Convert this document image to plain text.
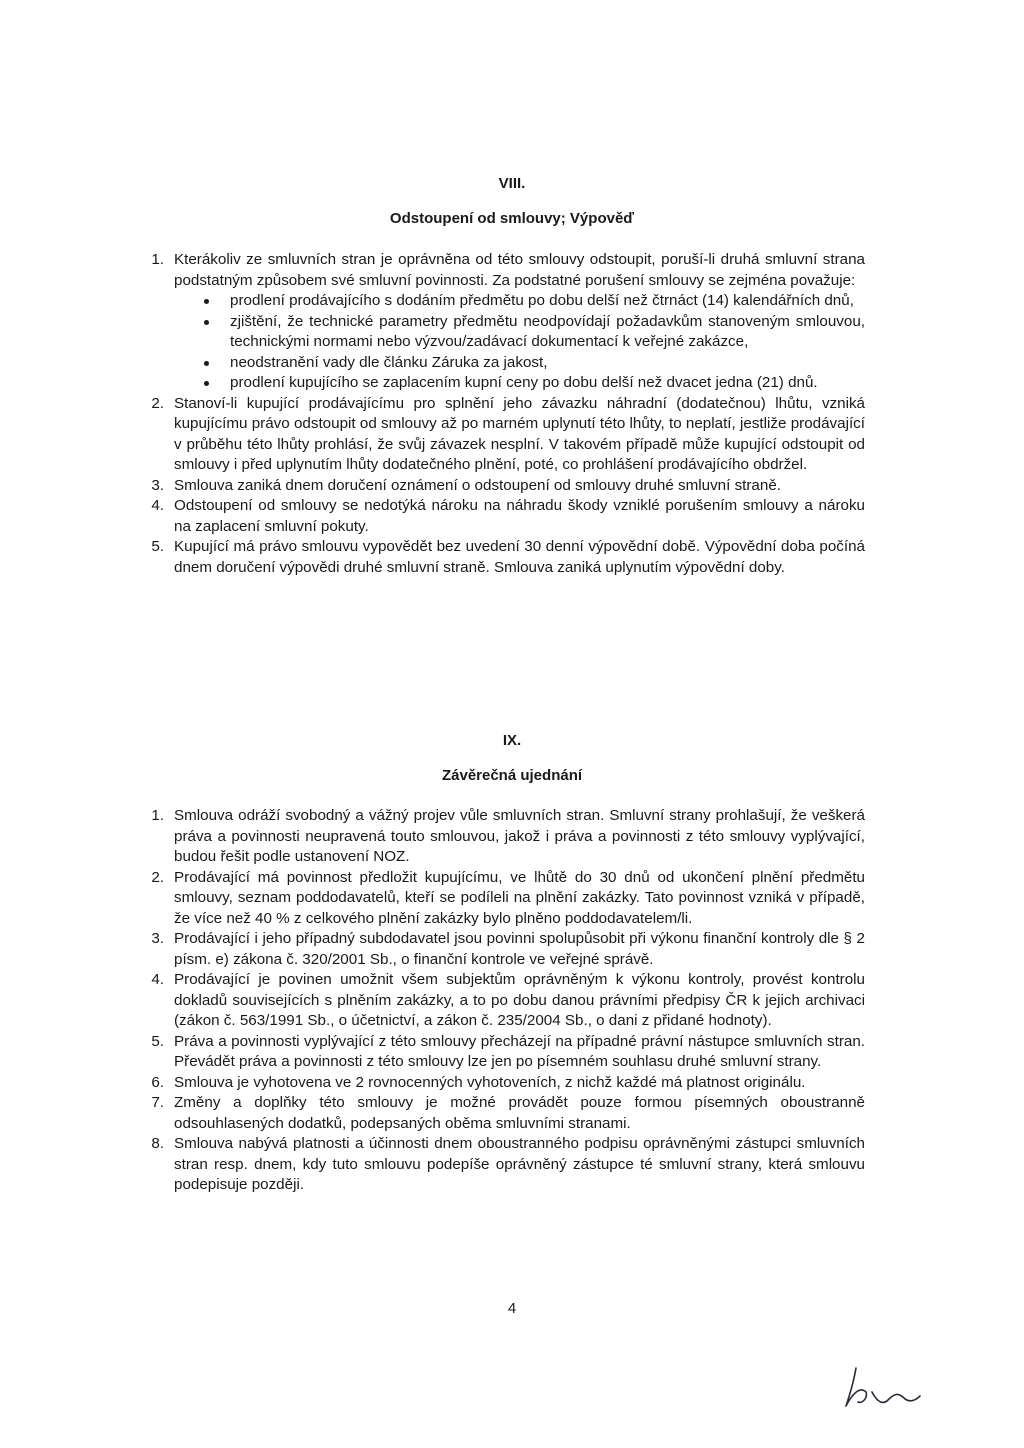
VIII.
Odstoupení od smlouvy; Výpověď
1. Kterákoliv ze smluvních stran je oprávněna od této smlouvy odstoupit, poruší-li druhá smluvní strana podstatným způsobem své smluvní povinnosti. Za podstatné porušení smlouvy se zejména považuje:

prodlení prodávajícího s dodáním předmětu po dobu delší než čtrnáct (14) kalendářních dnů,
zjištění, že technické parametry předmětu neodpovídají požadavkům stanoveným smlouvou, technickými normami nebo výzvou/zadávací dokumentací k veřejné zakázce,
neodstranění vady dle článku Záruka za jakost,
prodlení kupujícího se zaplacením kupní ceny po dobu delší než dvacet jedna (21) dnů.
2. Stanoví-li kupující prodávajícímu pro splnění jeho závazku náhradní (dodatečnou) lhůtu, vzniká kupujícímu právo odstoupit od smlouvy až po marném uplynutí této lhůty, to neplatí, jestliže prodávající v průběhu této lhůty prohlásí, že svůj závazek nesplní. V takovém případě může kupující odstoupit od smlouvy i před uplynutím lhůty dodatečného plnění, poté, co prohlášení prodávajícího obdržel.

3. Smlouva zaniká dnem doručení oznámení o odstoupení od smlouvy druhé smluvní straně.

4. Odstoupení od smlouvy se nedotýká nároku na náhradu škody vzniklé porušením smlouvy a nároku na zaplacení smluvní pokuty.

5. Kupující má právo smlouvu vypovědět bez uvedení 30 denní výpovědní době. Výpovědní doba počíná dnem doručení výpovědi druhé smluvní straně. Smlouva zaniká uplynutím výpovědní doby.

IX.
Závěrečná ujednání
1. Smlouva odráží svobodný a vážný projev vůle smluvních stran. Smluvní strany prohlašují, že veškerá práva a povinnosti neupravená touto smlouvou, jakož i práva a povinnosti z této smlouvy vyplývající, budou řešit podle ustanovení NOZ.

2. Prodávající má povinnost předložit kupujícímu, ve lhůtě do 30 dnů od ukončení plnění předmětu smlouvy, seznam poddodavatelů, kteří se podíleli na plnění zakázky. Tato povinnost vzniká v případě, že více než 40 % z celkového plnění zakázky bylo plněno poddodavatelem/li.

3. Prodávající i jeho případný subdodavatel jsou povinni spolupůsobit při výkonu finanční kontroly dle § 2 písm. e) zákona č. 320/2001 Sb., o finanční kontrole ve veřejné správě.

4. Prodávající je povinen umožnit všem subjektům oprávněným k výkonu kontroly, provést kontrolu dokladů souvisejících s plněním zakázky, a to po dobu danou právními předpisy ČR k jejich archivaci (zákon č. 563/1991 Sb., o účetnictví, a zákon č. 235/2004 Sb., o dani z přidané hodnoty).

5. Práva a povinnosti vyplývající z této smlouvy přecházejí na případné právní nástupce smluvních stran. Převádět práva a povinnosti z této smlouvy lze jen po písemném souhlasu druhé smluvní strany.

6. Smlouva je vyhotovena ve 2 rovnocenných vyhotoveních, z nichž každé má platnost originálu.

7. Změny a doplňky této smlouvy je možné provádět pouze formou písemných oboustranně odsouhlasených dodatků, podepsaných oběma smluvními stranami.

8. Smlouva nabývá platnosti a účinnosti dnem oboustranného podpisu oprávněnými zástupci smluvních stran resp. dnem, kdy tuto smlouvu podepíše oprávněný zástupce té smluvní strany, která smlouvu podepisuje později.

4
